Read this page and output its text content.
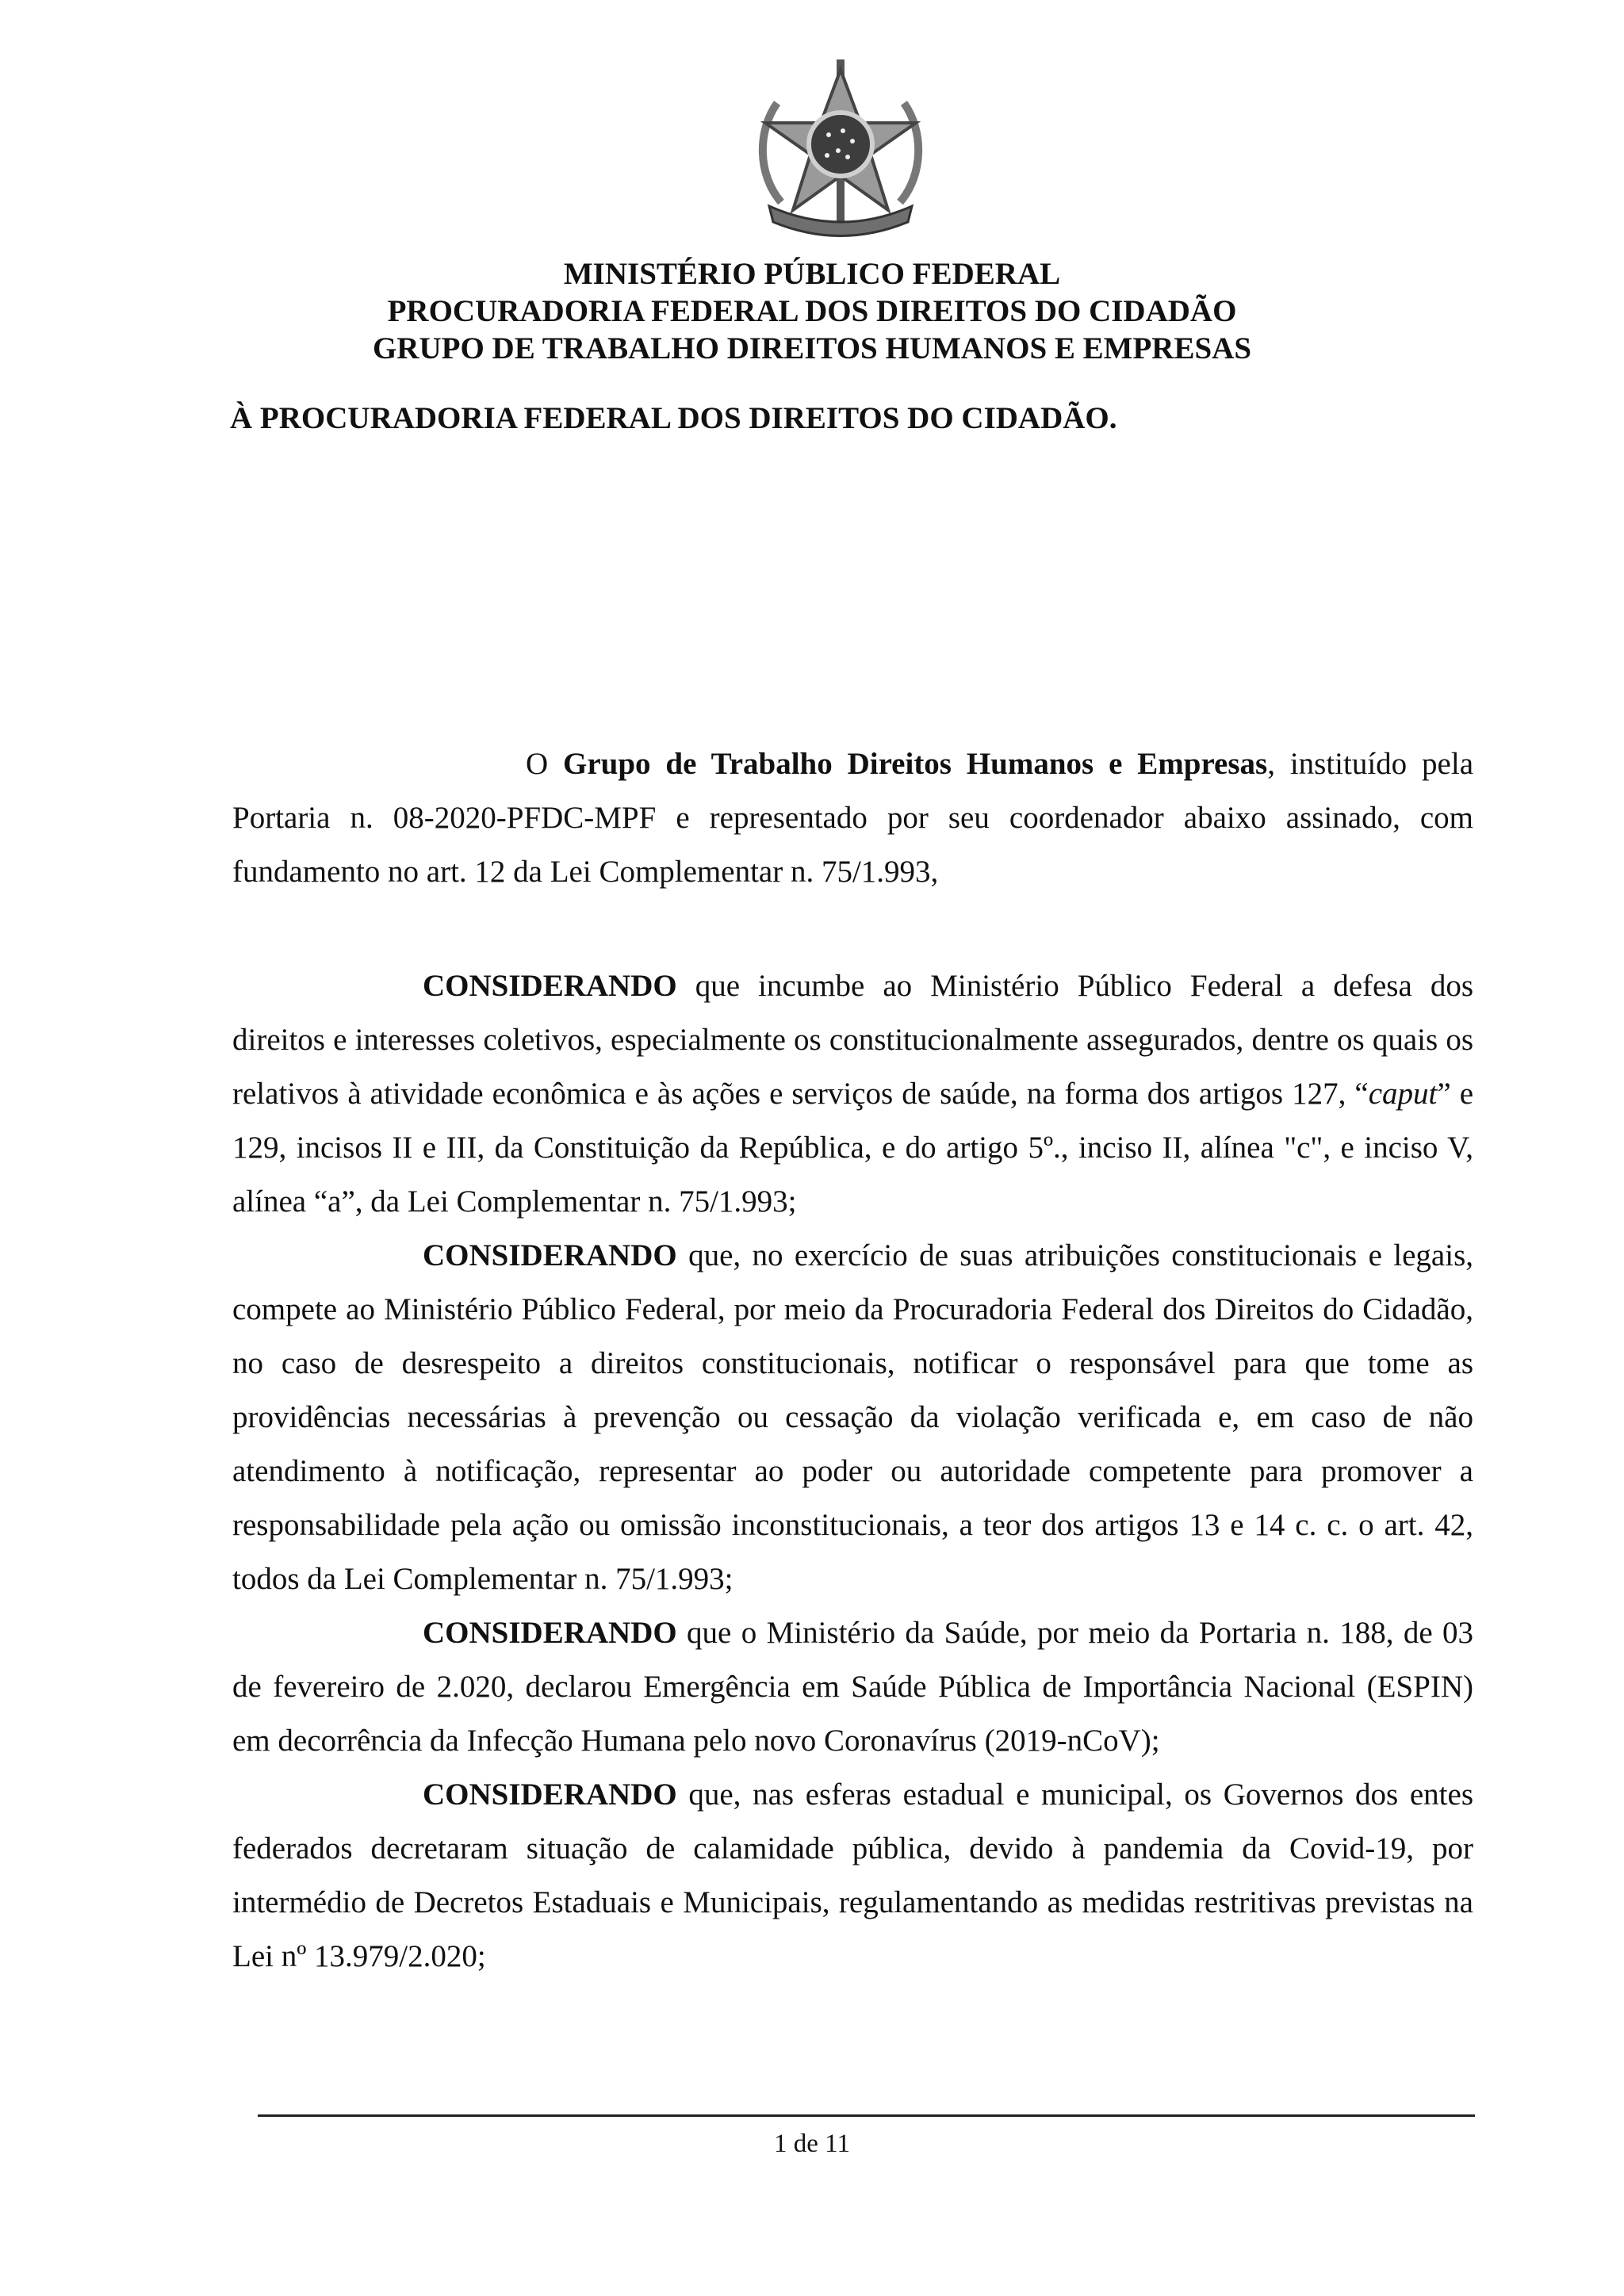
MINISTÉRIO PÚBLICO FEDERAL
PROCURADORIA FEDERAL DOS DIREITOS DO CIDADÃO
GRUPO DE TRABALHO DIREITOS HUMANOS E EMPRESAS
À PROCURADORIA FEDERAL DOS DIREITOS DO CIDADÃO.

O Grupo de Trabalho Direitos Humanos e Empresas, instituído pela Portaria n. 08-2020-PFDC-MPF e representado por seu coordenador abaixo assinado, com fundamento no art. 12 da Lei Complementar n. 75/1.993,

CONSIDERANDO que incumbe ao Ministério Público Federal a defesa dos direitos e interesses coletivos, especialmente os constitucionalmente assegurados, dentre os quais os relativos à atividade econômica e às ações e serviços de saúde, na forma dos artigos 127, “caput” e 129, incisos II e III, da Constituição da República, e do artigo 5º., inciso II, alínea "c", e inciso V, alínea “a”, da Lei Complementar n. 75/1.993;

CONSIDERANDO que, no exercício de suas atribuições constitucionais e legais, compete ao Ministério Público Federal, por meio da Procuradoria Federal dos Direitos do Cidadão, no caso de desrespeito a direitos constitucionais, notificar o responsável para que tome as providências necessárias à prevenção ou cessação da violação verificada e, em caso de não atendimento à notificação, representar ao poder ou autoridade competente para promover a responsabilidade pela ação ou omissão inconstitucionais, a teor dos artigos 13 e 14 c. c. o art. 42, todos da Lei Complementar n. 75/1.993;

CONSIDERANDO que o Ministério da Saúde, por meio da Portaria n. 188, de 03 de fevereiro de 2.020, declarou Emergência em Saúde Pública de Importância Nacional (ESPIN) em decorrência da Infecção Humana pelo novo Coronavírus (2019-nCoV);

CONSIDERANDO que, nas esferas estadual e municipal, os Governos dos entes federados decretaram situação de calamidade pública, devido à pandemia da Covid-19, por intermédio de Decretos Estaduais e Municipais, regulamentando as medidas restritivas previstas na Lei nº 13.979/2.020;

1 de 11
